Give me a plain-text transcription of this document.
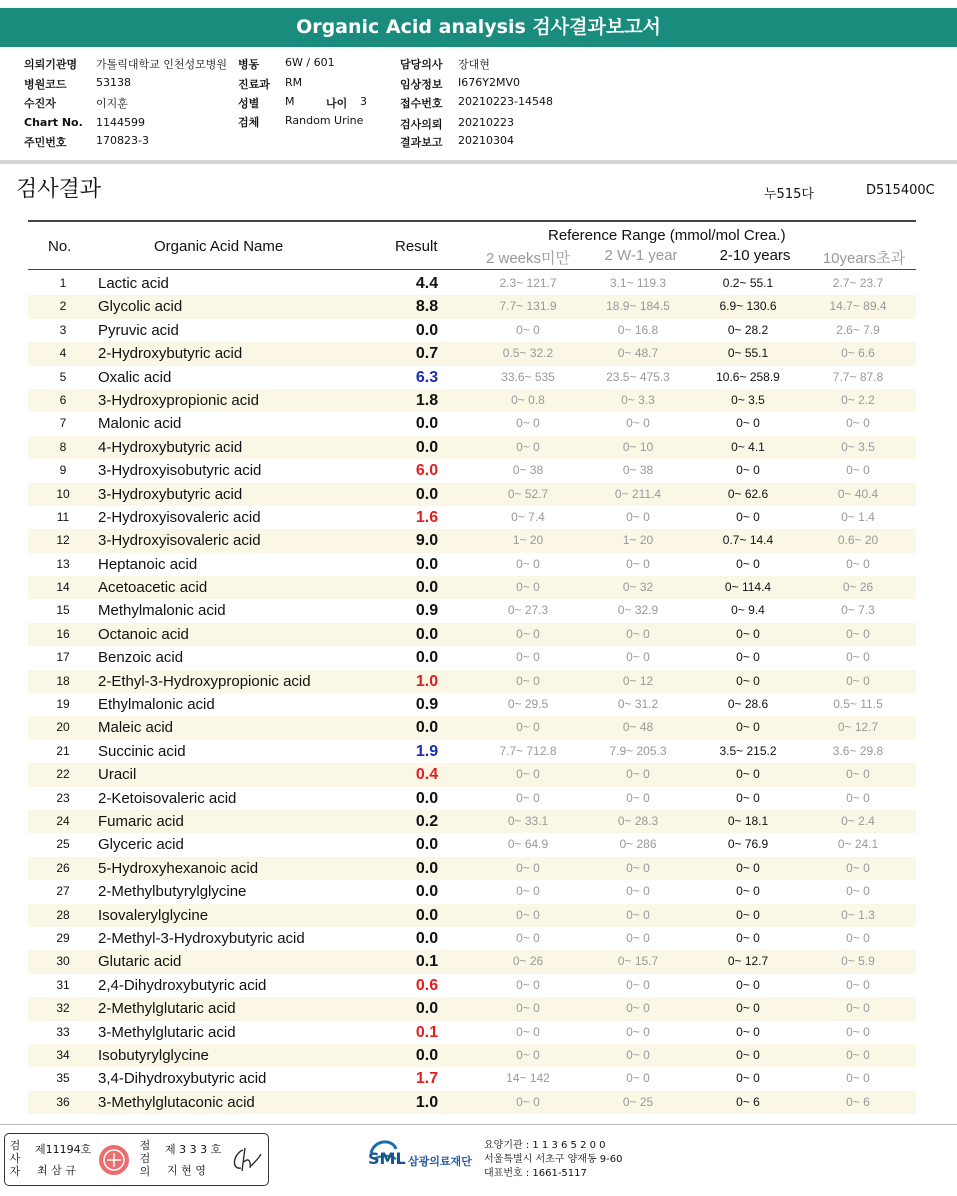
Organic Acid analysis 검사결과보고서
의뢰기관명 가톨릭대학교 인천성모병원 병동 6W / 601	담당의사 장대현
병원코드	53138	진료과 RM	임상정보 I676Y2MV0
수진자	이지훈	성별 M	나이 3	접수번호 20210223-14548
Chart No. 1144599	검체 Random Urine	검사의뢰 20210223
주민번호	170823-3	결과보고 20210304
검사결과	누515다	D515400C
No.	Organic Acid Name	Result
Reference Range (mmol/mol Crea.)
2 weeks미만	2 W-1 year	2-10 years	10years초과
1	Lactic acid	4.4	2.3~ 121.7	3.1~ 119.3	0.2~ 55.1	2.7~ 23.7
2	Glycolic acid	8.8	7.7~ 131.9	18.9~ 184.5	6.9~ 130.6	14.7~ 89.4
3	Pyruvic acid	0.0	0~ 0	0~ 16.8	0~ 28.2	2.6~ 7.9
4	2-Hydroxybutyric acid	0.7	0.5~ 32.2	0~ 48.7	0~ 55.1	0~ 6.6
5	Oxalic acid	6.3	33.6~ 535	23.5~ 475.3	10.6~ 258.9	7.7~ 87.8
6	3-Hydroxypropionic acid	1.8	0~ 0.8	0~ 3.3	0~ 3.5	0~ 2.2
7	Malonic acid	0.0	0~ 0	0~ 0	0~ 0	0~ 0
8	4-Hydroxybutyric acid	0.0	0~ 0	0~ 10	0~ 4.1	0~ 3.5
9	3-Hydroxyisobutyric acid	6.0	0~ 38	0~ 38	0~ 0	0~ 0
10	3-Hydroxybutyric acid	0.0	0~ 52.7	0~ 211.4	0~ 62.6	0~ 40.4
11	2-Hydroxyisovaleric acid	1.6	0~ 7.4	0~ 0	0~ 0	0~ 1.4
12	3-Hydroxyisovaleric acid	9.0	1~ 20	1~ 20	0.7~ 14.4	0.6~ 20
13	Heptanoic acid	0.0	0~ 0	0~ 0	0~ 0	0~ 0
14	Acetoacetic acid	0.0	0~ 0	0~ 32	0~ 114.4	0~ 26
15	Methylmalonic acid	0.9	0~ 27.3	0~ 32.9	0~ 9.4	0~ 7.3
16	Octanoic acid	0.0	0~ 0	0~ 0	0~ 0	0~ 0
17	Benzoic acid	0.0	0~ 0	0~ 0	0~ 0	0~ 0
18	2-Ethyl-3-Hydroxypropionic acid	1.0	0~ 0	0~ 12	0~ 0	0~ 0
19	Ethylmalonic acid	0.9	0~ 29.5	0~ 31.2	0~ 28.6	0.5~ 11.5
20	Maleic acid	0.0	0~ 0	0~ 48	0~ 0	0~ 12.7
21	Succinic acid	1.9	7.7~ 712.8	7.9~ 205.3	3.5~ 215.2	3.6~ 29.8
22	Uracil	0.4	0~ 0	0~ 0	0~ 0	0~ 0
23	2-Ketoisovaleric acid	0.0	0~ 0	0~ 0	0~ 0	0~ 0
24	Fumaric acid	0.2	0~ 33.1	0~ 28.3	0~ 18.1	0~ 2.4
25	Glyceric acid	0.0	0~ 64.9	0~ 286	0~ 76.9	0~ 24.1
26	5-Hydroxyhexanoic acid	0.0	0~ 0	0~ 0	0~ 0	0~ 0
27	2-Methylbutyrylglycine	0.0	0~ 0	0~ 0	0~ 0	0~ 0
28	Isovalerylglycine	0.0	0~ 0	0~ 0	0~ 0	0~ 1.3
29	2-Methyl-3-Hydroxybutyric acid	0.0	0~ 0	0~ 0	0~ 0	0~ 0
30	Glutaric acid	0.1	0~ 26	0~ 15.7	0~ 12.7	0~ 5.9
31	2,4-Dihydroxybutyric acid	0.6	0~ 0	0~ 0	0~ 0	0~ 0
32	2-Methylglutaric acid	0.0	0~ 0	0~ 0	0~ 0	0~ 0
33	3-Methylglutaric acid	0.1	0~ 0	0~ 0	0~ 0	0~ 0
34	Isobutyrylglycine	0.0	0~ 0	0~ 0	0~ 0	0~ 0
35	3,4-Dihydroxybutyric acid	1.7	14~ 142	0~ 0	0~ 0	0~ 0
36	3-Methylglutaconic acid	1.0	0~ 0	0~ 25	0~ 6	0~ 6
검사자
제11194호
최 삼 규
점검의
제 3 3 3 호
지 현 영
SML 삼광의료재단
요양기관 : 1 1 3 6 5 2 0 0
서울특별시 서초구 양재동 9-60
대표번호 : 1661-5117
